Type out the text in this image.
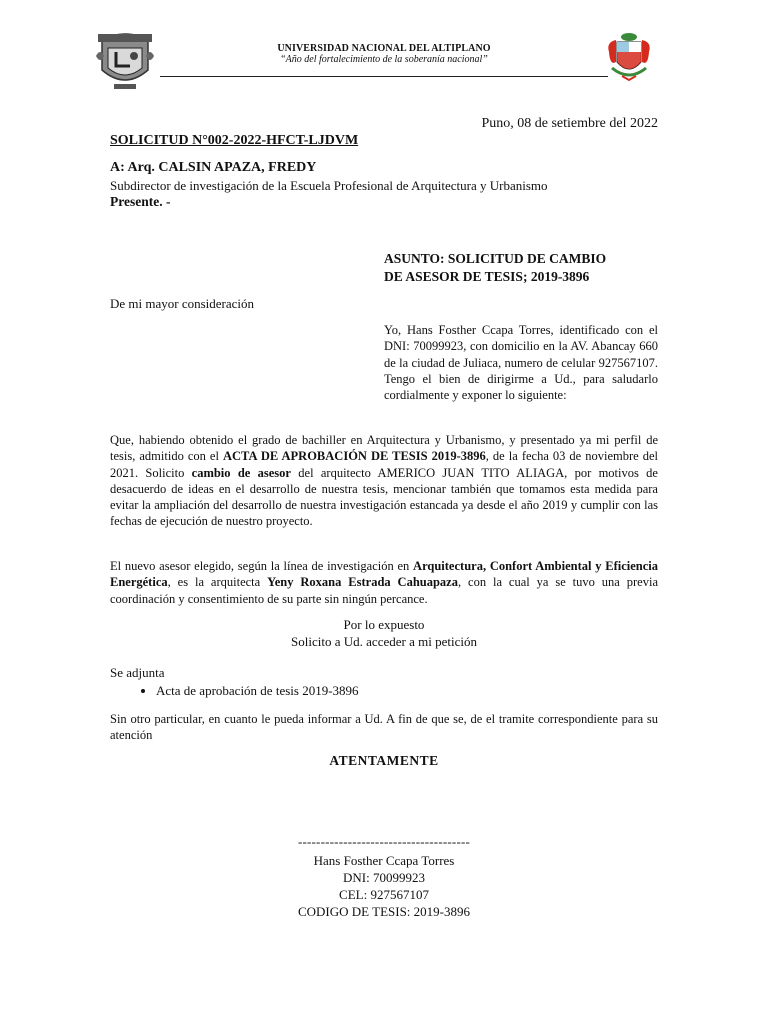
UNIVERSIDAD NACIONAL DEL ALTIPLANO
“Año del fortalecimiento de la soberanía nacional”
Puno, 08 de setiembre del 2022
SOLICITUD N°002-2022-HFCT-LJDVM
A: Arq. CALSIN APAZA, FREDY
Subdirector de investigación de la Escuela Profesional de Arquitectura y Urbanismo
Presente. -
ASUNTO: SOLICITUD DE CAMBIO
DE ASESOR DE TESIS; 2019-3896
De mi mayor consideración
Yo, Hans Fosther Ccapa Torres, identificado con el DNI: 70099923, con domicilio en la AV. Abancay 660 de la ciudad de Juliaca, numero de celular 927567107. Tengo el bien de dirigirme a Ud., para saludarlo cordialmente y exponer lo siguiente:
Que, habiendo obtenido el grado de bachiller en Arquitectura y Urbanismo, y presentado ya mi perfil de tesis, admitido con el ACTA DE APROBACIÓN DE TESIS 2019-3896, de la fecha 03 de noviembre del 2021. Solicito cambio de asesor del arquitecto AMERICO JUAN TITO ALIAGA, por motivos de desacuerdo de ideas en el desarrollo de nuestra tesis, mencionar también que tomamos esta medida para evitar la ampliación del desarrollo de nuestra investigación estancada ya desde el año 2019 y cumplir con las fechas de ejecución de nuestro proyecto.
El nuevo asesor elegido, según la línea de investigación en Arquitectura, Confort Ambiental y Eficiencia Energética, es la arquitecta Yeny Roxana Estrada Cahuapaza, con la cual ya se tuvo una previa coordinación y consentimiento de su parte sin ningún percance.
Por lo expuesto
Solicito a Ud. acceder a mi petición
Se adjunta
• Acta de aprobación de tesis 2019-3896
Sin otro particular, en cuanto le pueda informar a Ud. A fin de que se, de el tramite correspondiente para su atención
ATENTAMENTE
--------------------------------------
Hans Fosther Ccapa Torres
DNI: 70099923
CEL: 927567107
CODIGO DE TESIS: 2019-3896
